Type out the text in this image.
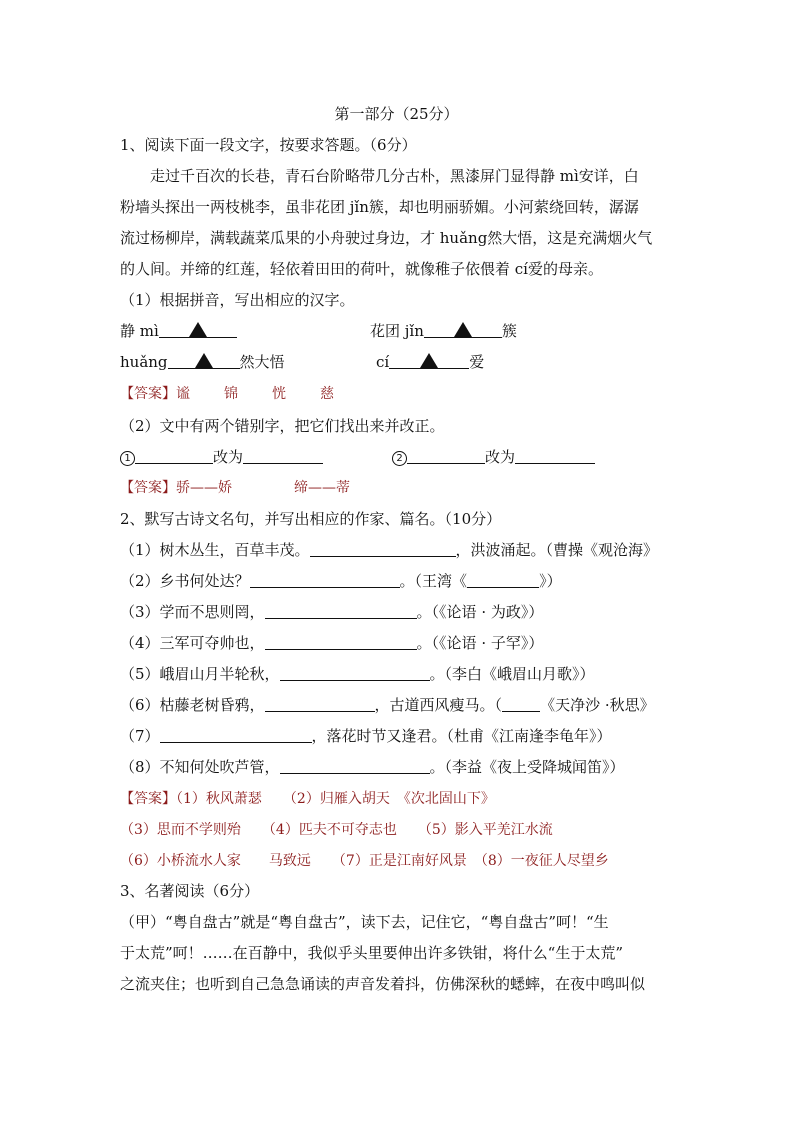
第一部分（25分）
1、阅读下面一段文字，按要求答题。（6分）
走过千百次的长巷，青石台阶略带几分古朴，黑漆屏门显得静 mì安详，白
粉墙头探出一两枝桃李，虽非花团 jǐn簇，却也明丽骄媚。小河萦绕回转，潺潺
流过杨柳岸，满载蔬菜瓜果的小舟驶过身边，才 huǎng然大悟，这是充满烟火气
的人间。并缔的红莲，轻依着田田的荷叶，就像稚子依偎着 cí爱的母亲。
（1）根据拼音，写出相应的汉字。
静 mì	花团 jǐn	簇
huǎng	然大悟	cí	爱
【答案】谧 锦 恍 慈
（2）文中有两个错别字，把它们找出来并改正。
1	改为	2	改为
【答案】骄——娇	缔——蒂
2、默写古诗文名句，并写出相应的作家、篇名。（10分）
（1）树木丛生，百草丰茂。	，洪波涌起。（曹操《观沧海》
（2）乡书何处达？	。（王湾《	》）
（3）学而不思则罔，	。（《论语 · 为政》）
（4）三军可夺帅也，	。（《论语 · 子罕》）
（5）峨眉山月半轮秋，	。（李白《峨眉山月歌》）
（6）枯藤老树昏鸦，	，古道西风瘦马。（	《天净沙 ·秋思》
（7）	，落花时节又逢君。（杜甫《江南逢李龟年》）
（8）不知何处吹芦管，	。（李益《夜上受降城闻笛》）
【答案】（1）秋风萧瑟　　（2）归雁入胡天　《次北固山下》
（3）思而不学则殆　　（4）匹夫不可夺志也　　（5）影入平羌江水流
（6）小桥流水人家　　马致远　　（7）正是江南好风景　（8）一夜征人尽望乡
3、名著阅读（6分）
（甲）“粤自盘古”就是“粤自盘古”，读下去，记住它，“粤自盘古”呵！“生
于太荒”呵！……在百静中，我似乎头里要伸出许多铁钳，将什么“生于太荒”
之流夹住；也听到自己急急诵读的声音发着抖，仿佛深秋的蟋蟀，在夜中鸣叫似
